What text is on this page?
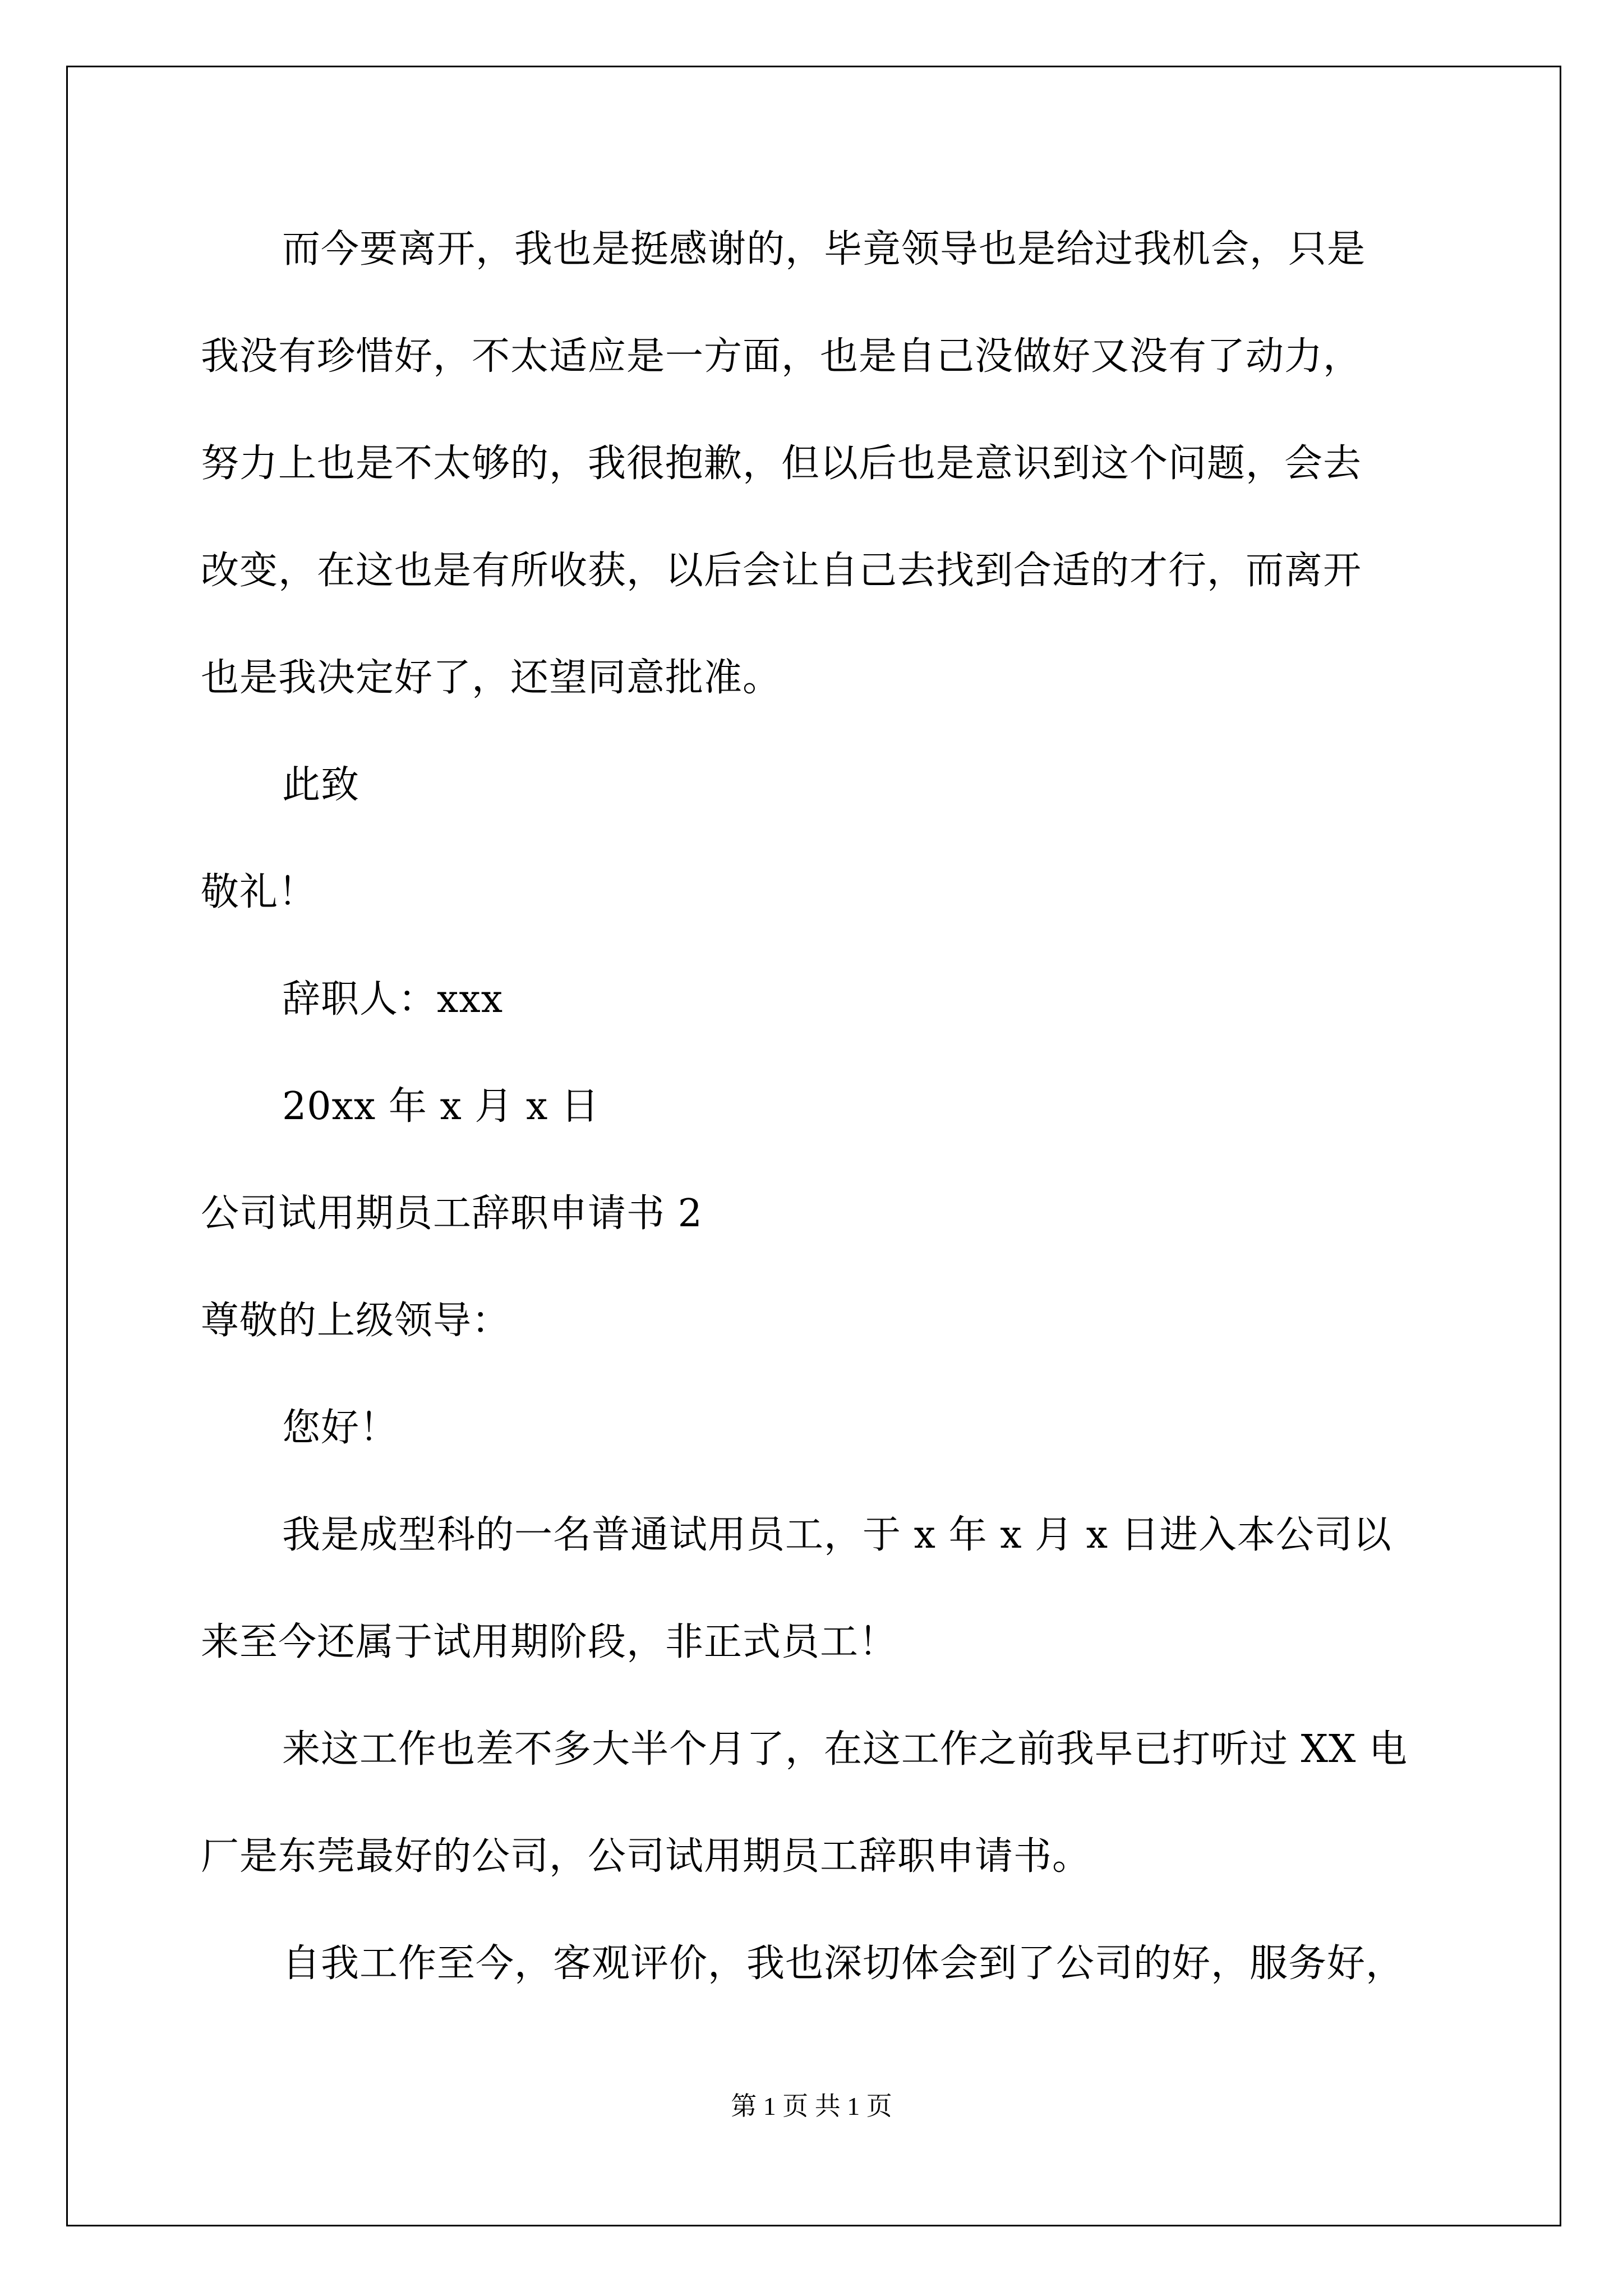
而今要离开，我也是挺感谢的，毕竟领导也是给过我机会，只是
我没有珍惜好，不太适应是一方面，也是自己没做好又没有了动力，
努力上也是不太够的，我很抱歉，但以后也是意识到这个问题，会去
改变，在这也是有所收获，以后会让自己去找到合适的才行，而离开
也是我决定好了，还望同意批准。
此致
敬礼！
辞职人：xxx
20xx 年 x 月 x 日
公司试用期员工辞职申请书 2
尊敬的上级领导：
您好！
我是成型科的一名普通试用员工，于 x 年 x 月 x 日进入本公司以
来至今还属于试用期阶段，非正式员工！
来这工作也差不多大半个月了，在这工作之前我早已打听过 XX 电
厂是东莞最好的公司，公司试用期员工辞职申请书。
自我工作至今，客观评价，我也深切体会到了公司的好，服务好，
第 1 页 共 1 页
